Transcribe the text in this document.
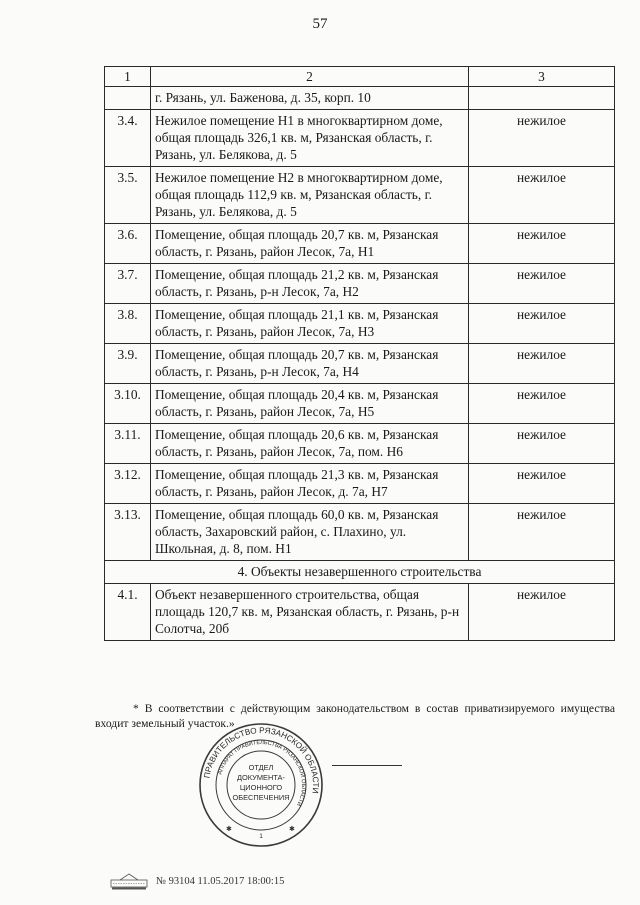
57
1	2	3
	г. Рязань, ул. Баженова, д. 35, корп. 10	
3.4.	Нежилое помещение Н1 в многоквартирном доме, общая площадь 326,1 кв. м, Рязанская область, г. Рязань, ул. Белякова, д. 5	нежилое
3.5.	Нежилое помещение Н2 в многоквартирном доме, общая площадь 112,9 кв. м, Рязанская область, г. Рязань, ул. Белякова, д. 5	нежилое
3.6.	Помещение, общая площадь 20,7 кв. м, Рязанская область, г. Рязань, район Лесок, 7а, Н1	нежилое
3.7.	Помещение, общая площадь 21,2 кв. м, Рязанская область, г. Рязань, р-н Лесок, 7а, Н2	нежилое
3.8.	Помещение, общая площадь 21,1 кв. м, Рязанская область, г. Рязань, район Лесок, 7а, Н3	нежилое
3.9.	Помещение, общая площадь 20,7 кв. м, Рязанская область, г. Рязань, р-н Лесок, 7а, Н4	нежилое
3.10.	Помещение, общая площадь 20,4 кв. м, Рязанская область, г. Рязань, район Лесок, 7а, Н5	нежилое
3.11.	Помещение, общая площадь 20,6 кв. м, Рязанская область, г. Рязань, район Лесок, 7а, пом. Н6	нежилое
3.12.	Помещение, общая площадь 21,3 кв. м, Рязанская область, г. Рязань, район Лесок, д. 7а, Н7	нежилое
3.13.	Помещение, общая площадь 60,0 кв. м, Рязанская область, Захаровский район, с. Плахино, ул. Школьная, д. 8, пом. Н1	нежилое
4. Объекты незавершенного строительства		
4.1.	Объект незавершенного строительства, общая площадь 120,7 кв. м, Рязанская область, г. Рязань, р-н Солотча, 20б	нежилое
* В соответствии с действующим законодательством в состав приватизируемого имущества входит земельный участок.»
ПРАВИТЕЛЬСТВО РЯЗАНСКОЙ ОБЛАСТИ
АППАРАТ ПРАВИТЕЛЬСТВА РЯЗАНСКОЙ ОБЛАСТИ
ОТДЕЛ
ДОКУМЕНТА-
ЦИОННОГО
ОБЕСПЕЧЕНИЯ
1
✱	✱
№ 93104 11.05.2017 18:00:15
